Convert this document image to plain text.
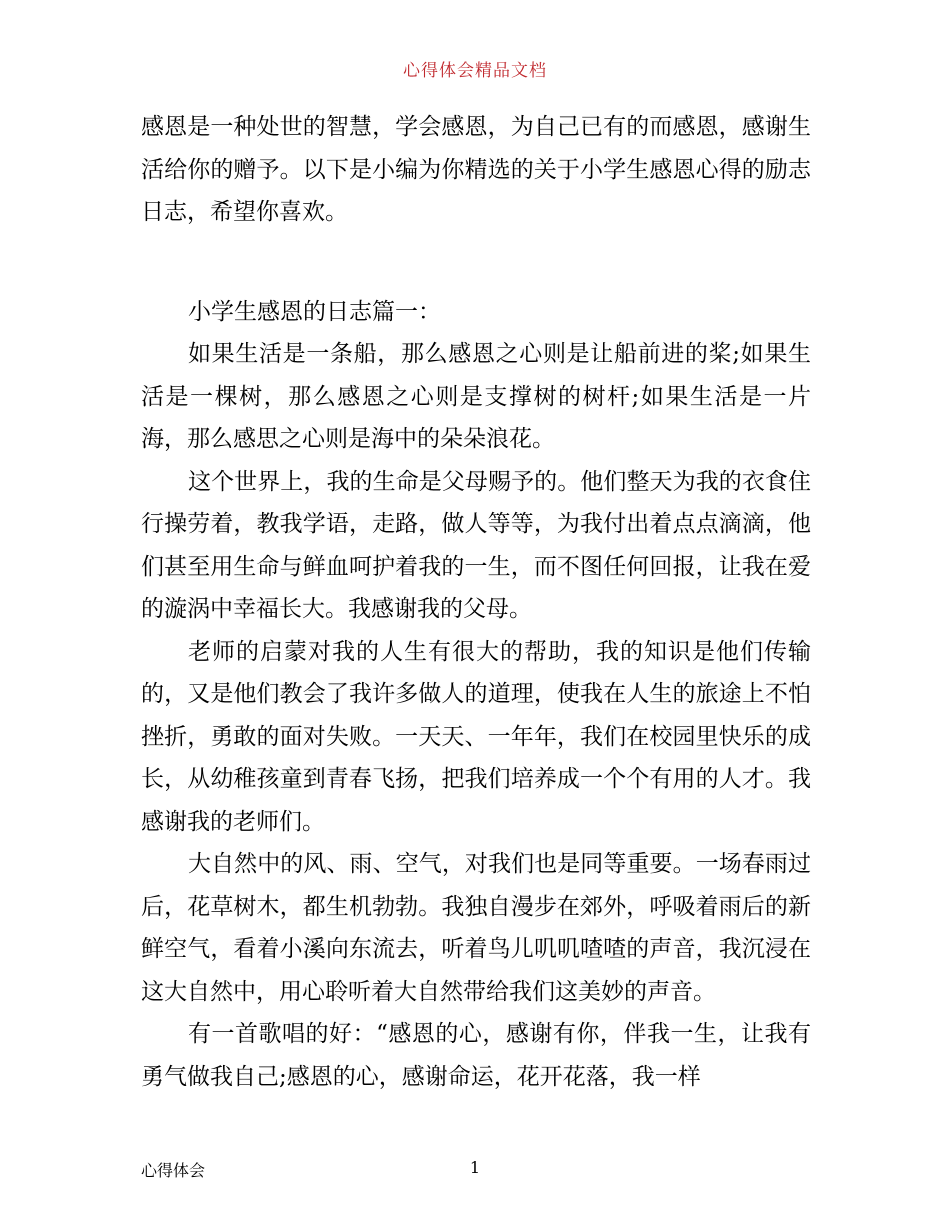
心得体会精品文档

感恩是一种处世的智慧，学会感恩，为自己已有的而感恩，感谢生活给你的赠予。以下是小编为你精选的关于小学生感恩心得的励志日志，希望你喜欢。

小学生感恩的日志篇一：

如果生活是一条船，那么感恩之心则是让船前进的桨;如果生活是一棵树，那么感恩之心则是支撑树的树杆;如果生活是一片海，那么感思之心则是海中的朵朵浪花。

这个世界上，我的生命是父母赐予的。他们整天为我的衣食住行操劳着，教我学语，走路，做人等等，为我付出着点点滴滴，他们甚至用生命与鲜血呵护着我的一生，而不图任何回报，让我在爱的漩涡中幸福长大。我感谢我的父母。

老师的启蒙对我的人生有很大的帮助，我的知识是他们传输的，又是他们教会了我许多做人的道理，使我在人生的旅途上不怕挫折，勇敢的面对失败。一天天、一年年，我们在校园里快乐的成长，从幼稚孩童到青春飞扬，把我们培养成一个个有用的人才。我感谢我的老师们。

大自然中的风、雨、空气，对我们也是同等重要。一场春雨过后，花草树木，都生机勃勃。我独自漫步在郊外，呼吸着雨后的新鲜空气，看着小溪向东流去，听着鸟儿叽叽喳喳的声音，我沉浸在这大自然中，用心聆听着大自然带给我们这美妙的声音。

有一首歌唱的好：“感恩的心，感谢有你，伴我一生，让我有勇气做我自己;感恩的心，感谢命运，花开花落，我一样

心得体会	1
